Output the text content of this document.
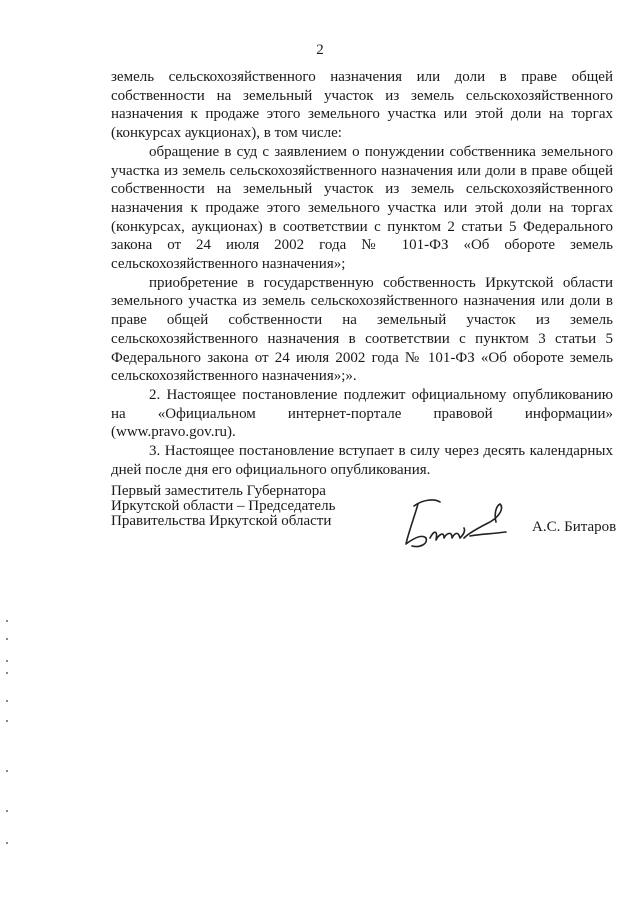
2

земель сельскохозяйственного назначения или доли в праве общей собственности на земельный участок из земель сельскохозяйственного назначения к продаже этого земельного участка или этой доли на торгах (конкурсах аукционах), в том числе:

обращение в суд с заявлением о понуждении собственника земельного участка из земель сельскохозяйственного назначения или доли в праве общей собственности на земельный участок из земель сельскохозяйственного назначения к продаже этого земельного участка или этой доли на торгах (конкурсах, аукционах) в соответствии с пунктом 2 статьи 5 Федерального закона от 24 июля 2002 года № 101-ФЗ «Об обороте земель сельскохозяйственного назначения»;

приобретение в государственную собственность Иркутской области земельного участка из земель сельскохозяйственного назначения или доли в праве общей собственности на земельный участок из земель сельскохозяйственного назначения в соответствии с пунктом 3 статьи 5 Федерального закона от 24 июля 2002 года № 101-ФЗ «Об обороте земель сельскохозяйственного назначения»;».

2. Настоящее постановление подлежит официальному опубликованию на «Официальном интернет-портале правовой информации» (www.pravo.gov.ru).

3. Настоящее постановление вступает в силу через десять календарных дней после дня его официального опубликования.

Первый заместитель Губернатора
Иркутской области – Председатель
Правительства Иркутской области	А.С. Битаров
